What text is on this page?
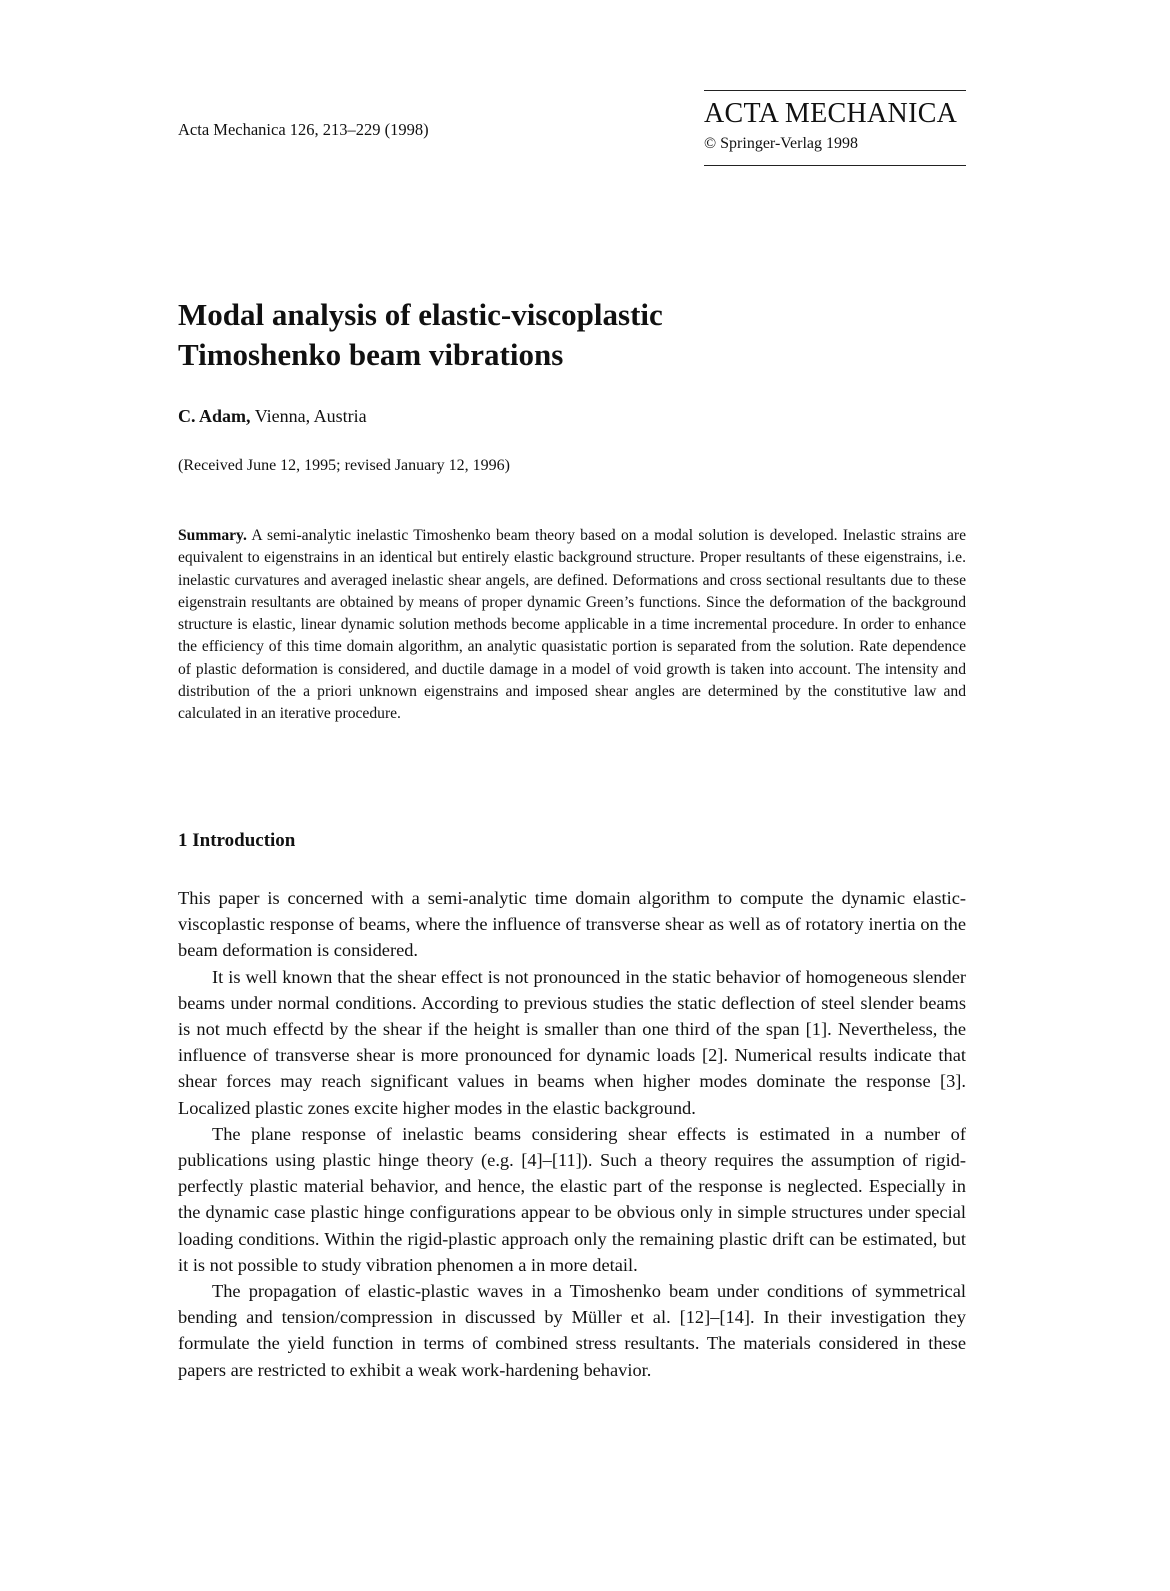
Acta Mechanica 126, 213–229 (1998)
ACTA MECHANICA
© Springer-Verlag 1998
Modal analysis of elastic-viscoplastic
Timoshenko beam vibrations
C. Adam, Vienna, Austria
(Received June 12, 1995; revised January 12, 1996)
Summary. A semi-analytic inelastic Timoshenko beam theory based on a modal solution is developed. Inelastic strains are equivalent to eigenstrains in an identical but entirely elastic background structure. Proper resultants of these eigenstrains, i.e. inelastic curvatures and averaged inelastic shear angels, are defined. Deformations and cross sectional resultants due to these eigenstrain resultants are obtained by means of proper dynamic Green’s functions. Since the deformation of the background structure is elastic, linear dynamic solution methods become applicable in a time incremental procedure. In order to enhance the efficiency of this time domain algorithm, an analytic quasistatic portion is separated from the solution. Rate dependence of plastic deformation is considered, and ductile damage in a model of void growth is taken into account. The intensity and distribution of the a priori unknown eigenstrains and imposed shear angles are determined by the constitutive law and calculated in an iterative procedure.
1 Introduction

This paper is concerned with a semi-analytic time domain algorithm to compute the dynamic elastic-viscoplastic response of beams, where the influence of transverse shear as well as of rotatory inertia on the beam deformation is considered.

It is well known that the shear effect is not pronounced in the static behavior of homogeneous slender beams under normal conditions. According to previous studies the static deflection of steel slender beams is not much effectd by the shear if the height is smaller than one third of the span [1]. Nevertheless, the influence of transverse shear is more pronounced for dynamic loads [2]. Numerical results indicate that shear forces may reach significant values in beams when higher modes dominate the response [3]. Localized plastic zones excite higher modes in the elastic background.

The plane response of inelastic beams considering shear effects is estimated in a number of publications using plastic hinge theory (e.g. [4]–[11]). Such a theory requires the assumption of rigid-perfectly plastic material behavior, and hence, the elastic part of the response is neglected. Especially in the dynamic case plastic hinge configurations appear to be obvious only in simple structures under special loading conditions. Within the rigid-plastic approach only the remaining plastic drift can be estimated, but it is not possible to study vibration phenomen a in more detail.

The propagation of elastic-plastic waves in a Timoshenko beam under conditions of symmetrical bending and tension/compression in discussed by Müller et al. [12]–[14]. In their investigation they formulate the yield function in terms of combined stress resultants. The materials considered in these papers are restricted to exhibit a weak work-hardening behavior.
